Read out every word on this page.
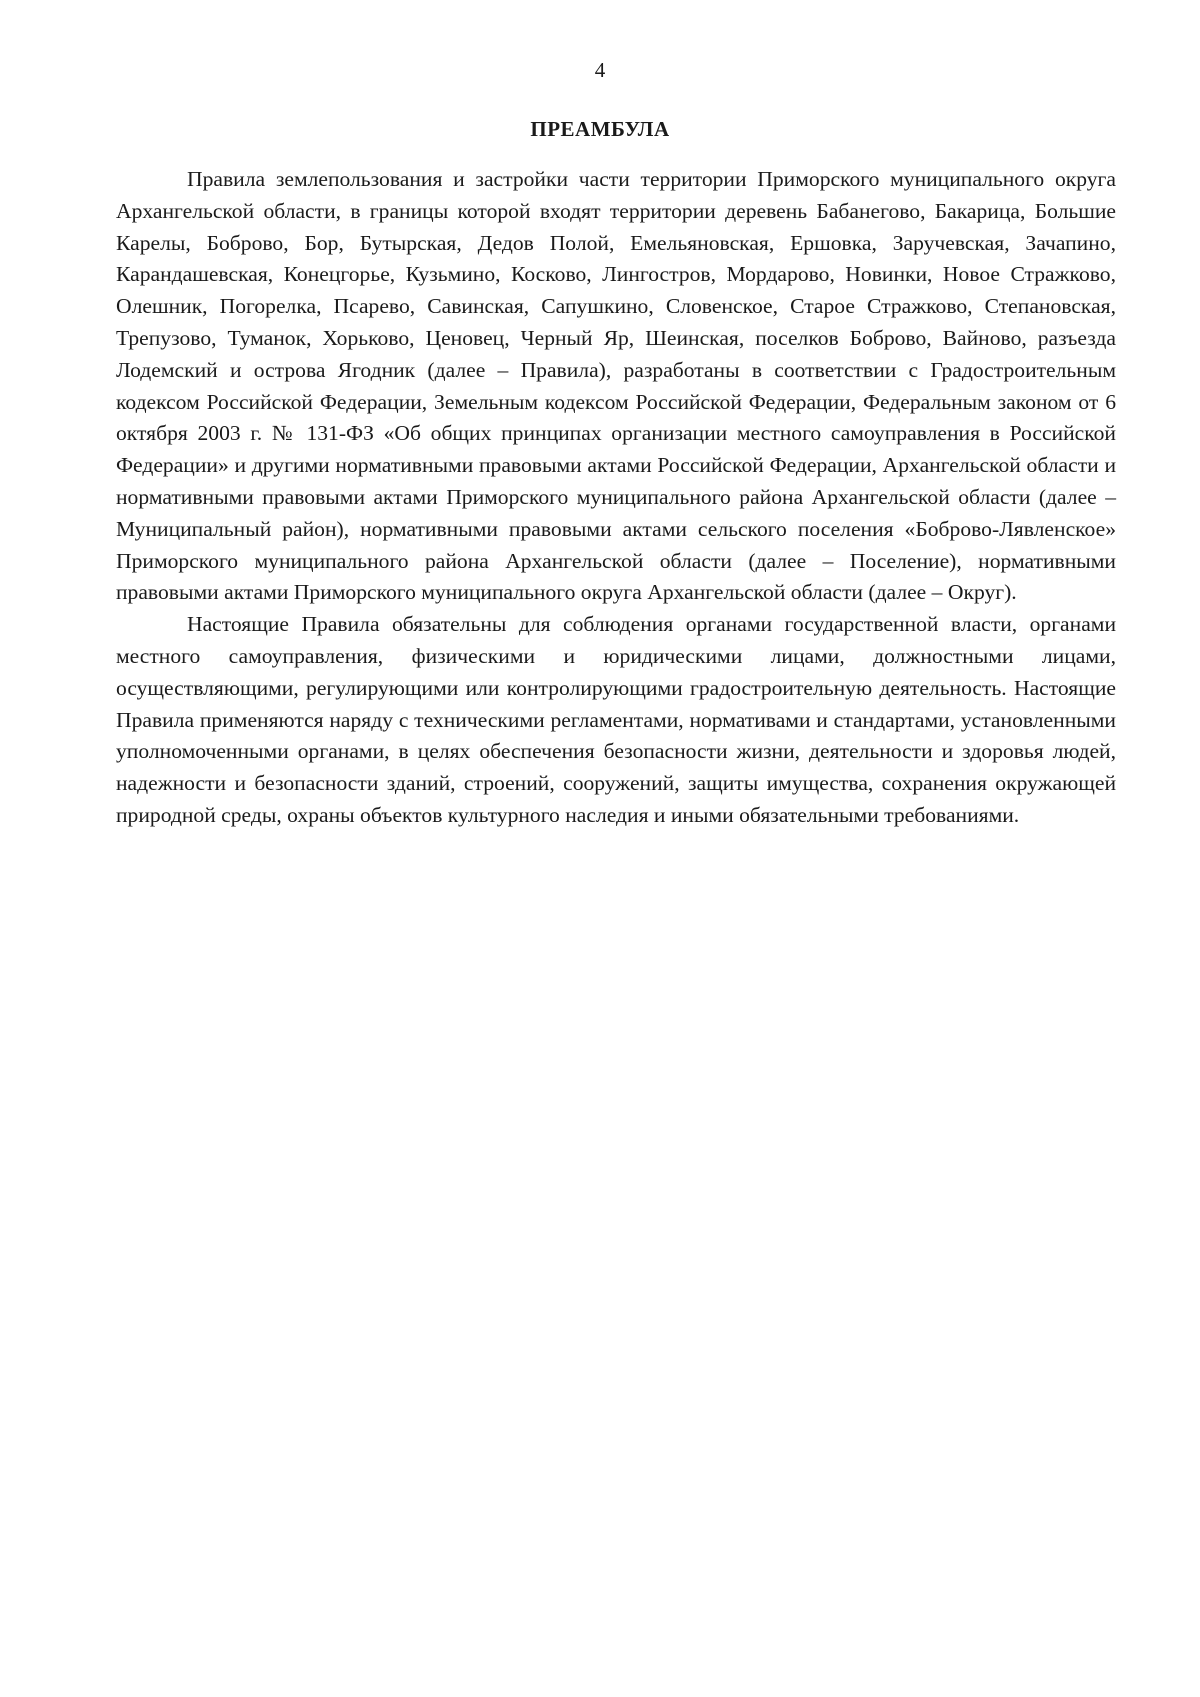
4
ПРЕАМБУЛА

Правила землепользования и застройки части территории Приморского муниципального округа Архангельской области, в границы которой входят территории деревень Бабанегово, Бакарица, Большие Карелы, Боброво, Бор, Бутырская, Дедов Полой, Емельяновская, Ершовка, Заручевская, Зачапино, Карандашевская, Конецгорье, Кузьмино, Косково, Лингостров, Мордарово, Новинки, Новое Стражково, Олешник, Погорелка, Псарево, Савинская, Сапушкино, Словенское, Старое Стражково, Степановская, Трепузово, Туманок, Хорьково, Ценовец, Черный Яр, Шеинская, поселков Боброво, Вайново, разъезда Лодемский и острова Ягодник (далее – Правила), разработаны в соответствии с Градостроительным кодексом Российской Федерации, Земельным кодексом Российской Федерации, Федеральным законом от 6 октября 2003 г. № 131-ФЗ «Об общих принципах организации местного самоуправления в Российской Федерации» и другими нормативными правовыми актами Российской Федерации, Архангельской области и нормативными правовыми актами Приморского муниципального района Архангельской области (далее – Муниципальный район), нормативными правовыми актами сельского поселения «Боброво-Лявленское» Приморского муниципального района Архангельской области (далее – Поселение), нормативными правовыми актами Приморского муниципального округа Архангельской области (далее – Округ).

Настоящие Правила обязательны для соблюдения органами государственной власти, органами местного самоуправления, физическими и юридическими лицами, должностными лицами, осуществляющими, регулирующими или контролирующими градостроительную деятельность. Настоящие Правила применяются наряду с техническими регламентами, нормативами и стандартами, установленными уполномоченными органами, в целях обеспечения безопасности жизни, деятельности и здоровья людей, надежности и безопасности зданий, строений, сооружений, защиты имущества, сохранения окружающей природной среды, охраны объектов культурного наследия и иными обязательными требованиями.
